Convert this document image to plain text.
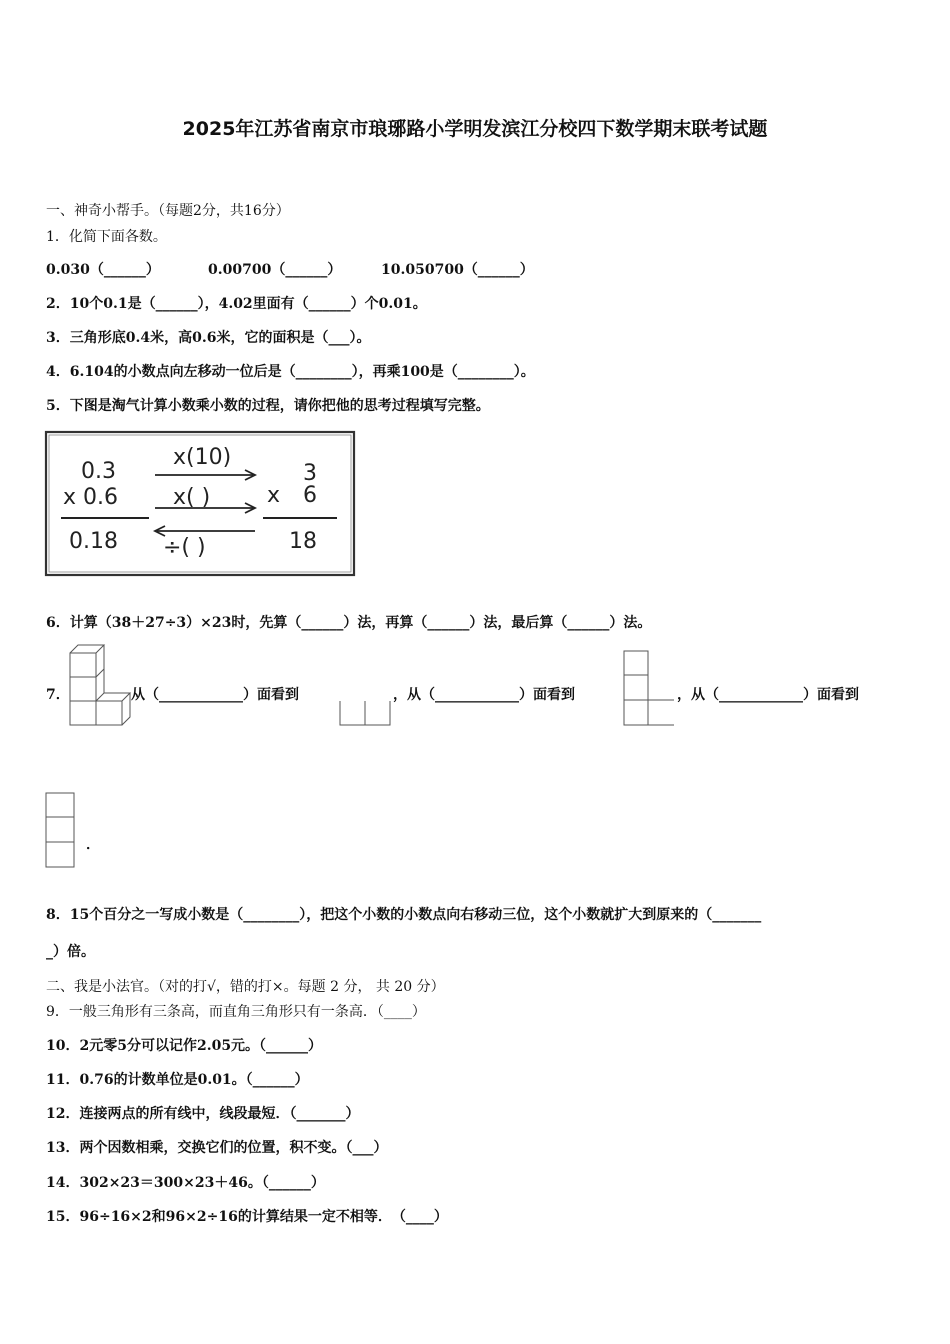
2025年江苏省南京市琅琊路小学明发滨江分校四下数学期末联考试题
一、神奇小帮手。（每题2分，共16分）
1．化简下面各数。
0.030（______）	0.00700（______）	10.050700（______）
2．10个0.1是（______），4.02里面有（______）个0.01。
3．三角形底0.4米，高0.6米，它的面积是（___）。
4．6.104的小数点向左移动一位后是（________），再乘100是（________）。
5．下图是淘气计算小数乘小数的过程，请你把他的思考过程填写完整。
0.3
x 0.6
0.18
x(10)
x( )
÷( )
3
x 6
18
6．计算（38＋27÷3）×23时，先算（______）法，再算（______）法，最后算（______）法。
7．	从（____________）面看到	，从（____________）面看到	，从（____________）面看到
．
8．15个百分之一写成小数是（________），把这个小数的小数点向右移动三位，这个小数就扩大到原来的（_______
_）倍。
二、我是小法官。（对的打√，错的打×。每题 2 分， 共 20 分）
9．一般三角形有三条高，而直角三角形只有一条高．（____）
10．2元零5分可以记作2.05元。（______）
11．0.76的计数单位是0.01。（______）
12．连接两点的所有线中，线段最短．（_______）
13．两个因数相乘，交换它们的位置，积不变。（___）
14．302×23＝300×23＋46。（______）
15．96÷16×2和96×2÷16的计算结果一定不相等．　（____）
